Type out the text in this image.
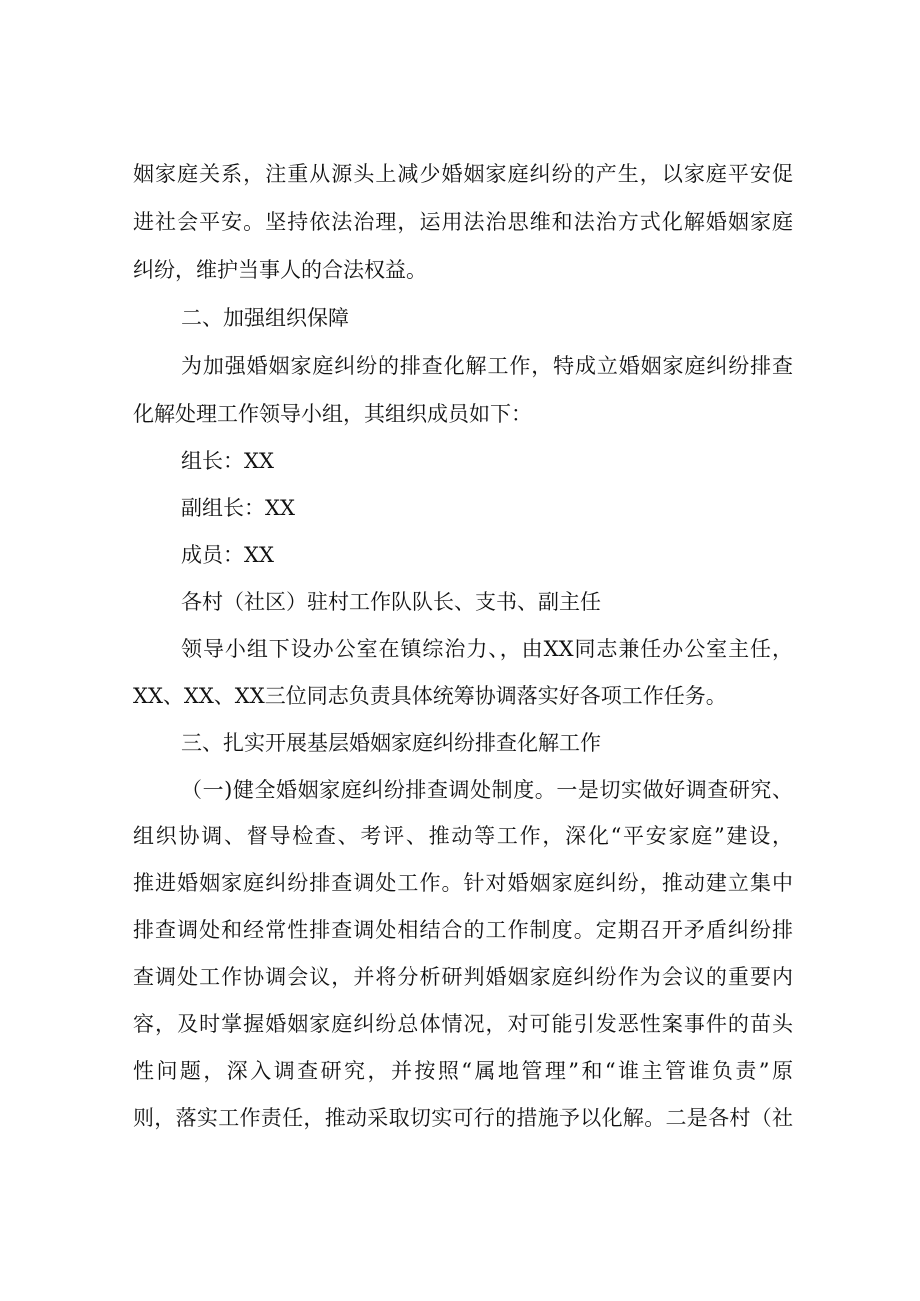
姻家庭关系，注重从源头上减少婚姻家庭纠纷的产生，以家庭平安促
进社会平安。坚持依法治理，运用法治思维和法治方式化解婚姻家庭
纠纷，维护当事人的合法权益。
二、加强组织保障
为加强婚姻家庭纠纷的排查化解工作，特成立婚姻家庭纠纷排查
化解处理工作领导小组，其组织成员如下：
组长：XX
副组长：XX
成员：XX
各村（社区）驻村工作队队长、支书、副主任
领导小组下设办公室在镇综治力、，由XX同志兼任办公室主任，
XX、XX、XX三位同志负责具体统筹协调落实好各项工作任务。
三、扎实开展基层婚姻家庭纠纷排查化解工作
（一)健全婚姻家庭纠纷排查调处制度。一是切实做好调查研究、
组织协调、督导检查、考评、推动等工作，深化“平安家庭”建设，
推进婚姻家庭纠纷排查调处工作。针对婚姻家庭纠纷，推动建立集中
排查调处和经常性排查调处相结合的工作制度。定期召开矛盾纠纷排
查调处工作协调会议，并将分析研判婚姻家庭纠纷作为会议的重要内
容，及时掌握婚姻家庭纠纷总体情况，对可能引发恶性案事件的苗头
性问题，深入调查研究，并按照“属地管理”和“谁主管谁负责”原
则，落实工作责任，推动采取切实可行的措施予以化解。二是各村（社
